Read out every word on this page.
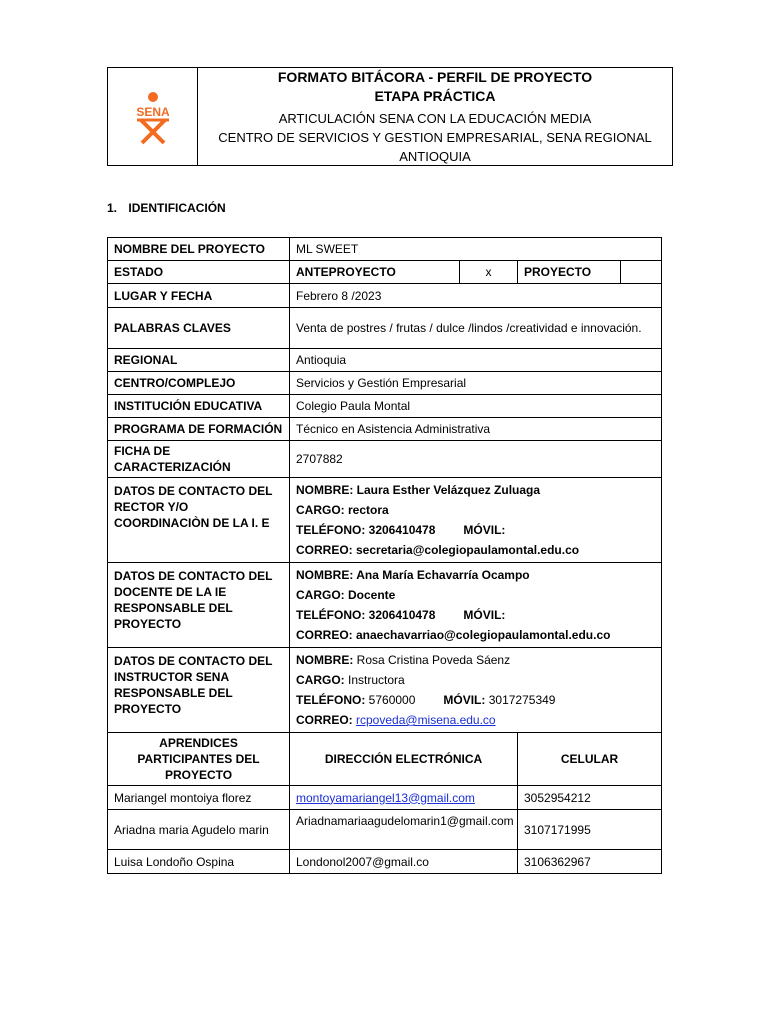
SENA
FORMATO BITÁCORA - PERFIL DE PROYECTO
ETAPA PRÁCTICA
ARTICULACIÓN SENA CON LA EDUCACIÓN MEDIA
CENTRO DE SERVICIOS Y GESTION EMPRESARIAL, SENA REGIONAL
ANTIOQUIA
1. IDENTIFICACIÓN
NOMBRE DEL PROYECTO	ML SWEET			
ESTADO	ANTEPROYECTO	x	PROYECTO	
LUGAR Y FECHA	Febrero 8 /2023			
PALABRAS CLAVES	Venta de postres / frutas / dulce /lindos /creatividad e innovación.			
REGIONAL	Antioquia			
CENTRO/COMPLEJO	Servicios y Gestión Empresarial			
INSTITUCIÓN EDUCATIVA	Colegio Paula Montal			
PROGRAMA DE FORMACIÓN	Técnico en Asistencia Administrativa			
FICHA DE CARACTERIZACIÓN	2707882			
DATOS DE CONTACTO DEL RECTOR Y/O COORDINACIÒN DE LA I. E	NOMBRE: Laura Esther Velázquez Zuluaga
CARGO: rectora
TELÉFONO: 3206410478 MÓVIL:
CORREO: secretaria@colegiopaulamontal.edu.co			

DATOS DE CONTACTO DEL DOCENTE DE LA IE RESPONSABLE DEL PROYECTO	NOMBRE: Ana María Echavarría Ocampo
CARGO: Docente
TELÉFONO: 3206410478 MÓVIL:
CORREO: anaechavarriao@colegiopaulamontal.edu.co			

DATOS DE CONTACTO DEL INSTRUCTOR SENA RESPONSABLE DEL PROYECTO	NOMBRE: Rosa Cristina Poveda Sáenz
CARGO: Instructora
TELÉFONO: 5760000 MÓVIL: 3017275349
CORREO: rcpoveda@misena.edu.co			

APRENDICES PARTICIPANTES DEL PROYECTO	DIRECCIÓN ELECTRÓNICA		CELULAR	
Mariangel montoiya florez	montoyamariangel13@gmail.com		3052954212	
Ariadna maria Agudelo marin	Ariadnamariaagudelomarin1@gmail.com		3107171995	
Luisa Londoño Ospina	Londonol2007@gmail.co		3106362967	
